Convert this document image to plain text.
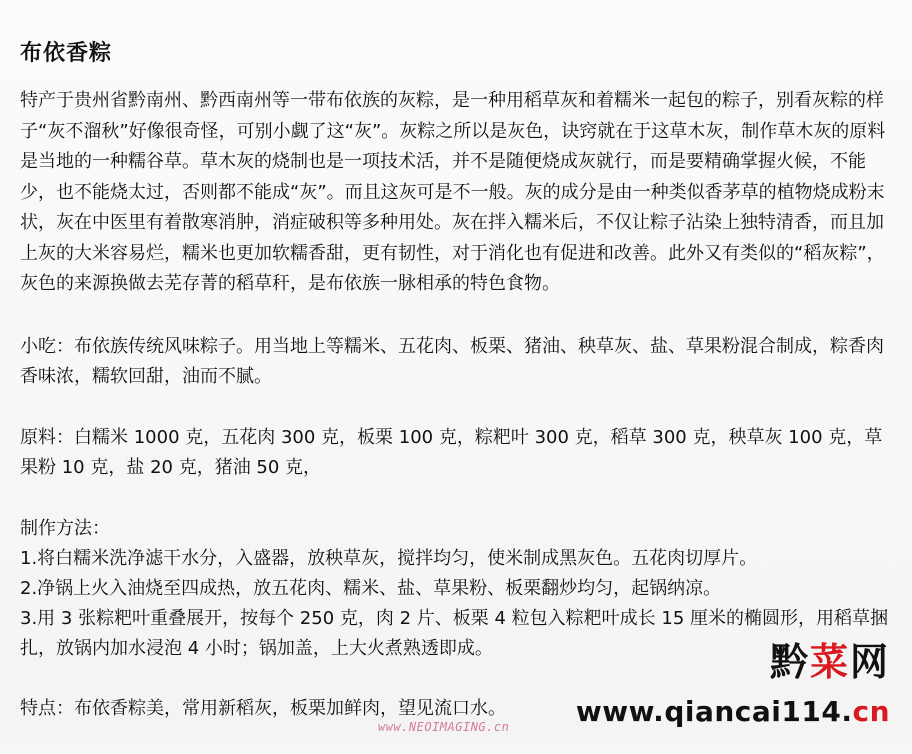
布依香粽

特产于贵州省黔南州、黔西南州等一带布依族的灰粽，是一种用稻草灰和着糯米一起包的粽子，别看灰粽的样子“灰不溜秋”好像很奇怪，可别小觑了这“灰”。灰粽之所以是灰色，诀窍就在于这草木灰，制作草木灰的原料是当地的一种糯谷草。草木灰的烧制也是一项技术活，并不是随便烧成灰就行，而是要精确掌握火候，不能少，也不能烧太过，否则都不能成“灰”。而且这灰可是不一般。灰的成分是由一种类似香茅草的植物烧成粉末状，灰在中医里有着散寒消肿，消症破积等多种用处。灰在拌入糯米后，不仅让粽子沾染上独特清香，而且加上灰的大米容易烂，糯米也更加软糯香甜，更有韧性，对于消化也有促进和改善。此外又有类似的“稻灰粽”，灰色的来源换做去芜存菁的稻草秆，是布依族一脉相承的特色食物。

小吃：布依族传统风味粽子。用当地上等糯米、五花肉、板栗、猪油、秧草灰、盐、草果粉混合制成，粽香肉香味浓，糯软回甜，油而不腻。

原料：白糯米 1000 克，五花肉 300 克，板栗 100 克，粽粑叶 300 克，稻草 300 克，秧草灰 100 克，草果粉 10 克，盐 20 克，猪油 50 克，

制作方法：

1.将白糯米洗净滤干水分，入盛器，放秧草灰，搅拌均匀，使米制成黑灰色。五花肉切厚片。

2.净锅上火入油烧至四成热，放五花肉、糯米、盐、草果粉、板栗翻炒均匀，起锅纳凉。

3.用 3 张粽粑叶重叠展开，按每个 250 克，肉 2 片、板栗 4 粒包入粽粑叶成长 15 厘米的椭圆形，用稻草捆扎，放锅内加水浸泡 4 小时；锅加盖，上大火煮熟透即成。

特点：布依香粽美，常用新稻灰，板栗加鲜肉，望见流口水。

www.NEOIMAGING.cn
黔菜网
www.qiancai114.cn
